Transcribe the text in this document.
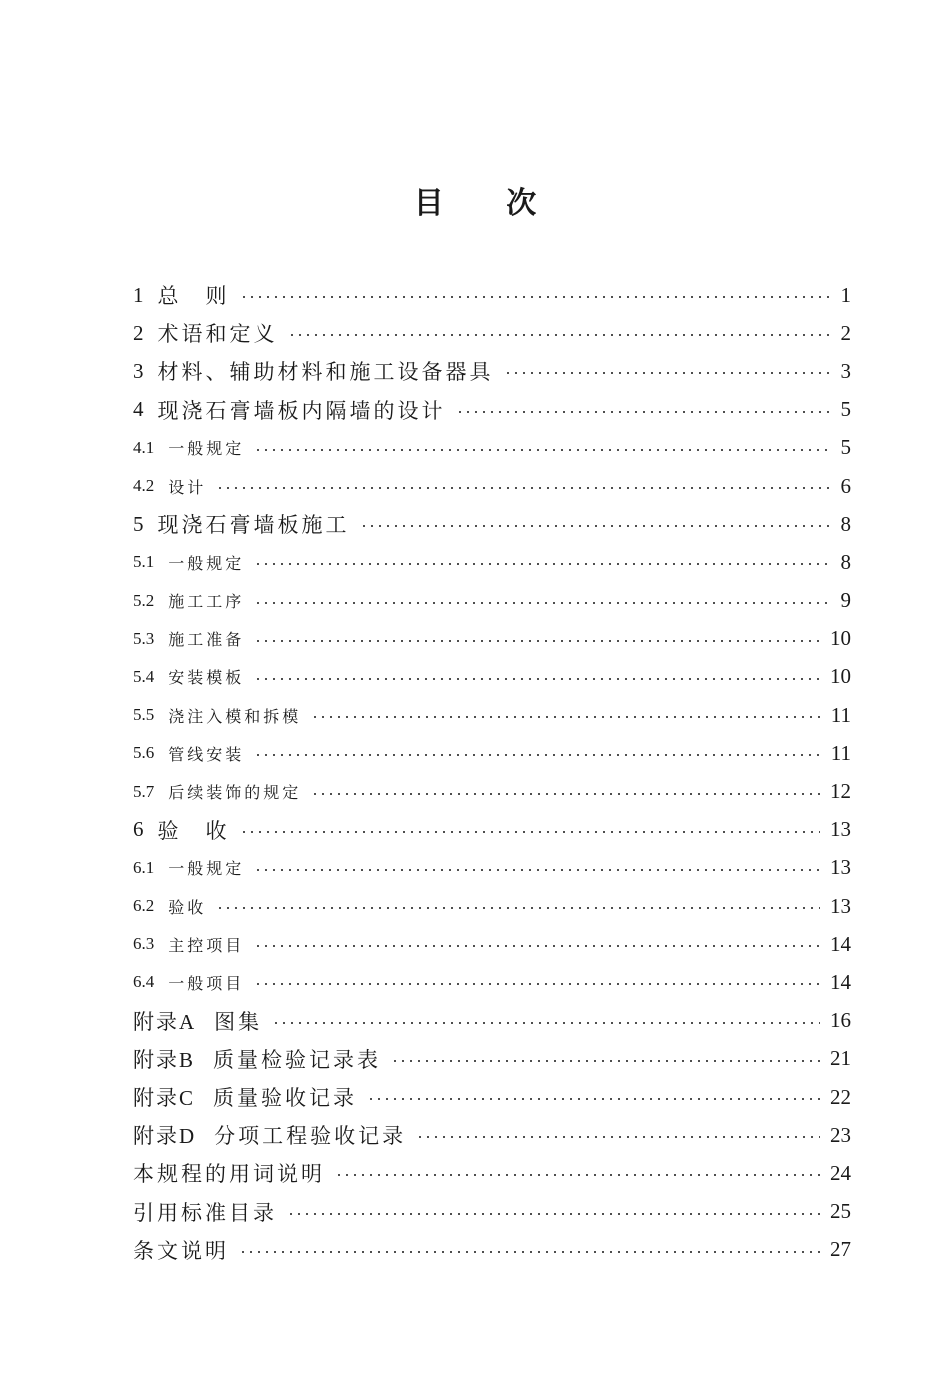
目 次
1 总　则	1
2 术语和定义	2
3 材料、辅助材料和施工设备器具	3
4 现浇石膏墙板内隔墙的设计	5
4.1 一般规定	5
4.2 设计	6
5 现浇石膏墙板施工	8
5.1 一般规定	8
5.2 施工工序	9
5.3 施工准备	10
5.4 安装模板	10
5.5 浇注入模和拆模	11
5.6 管线安装	11
5.7 后续装饰的规定	12
6 验　收	13
6.1 一般规定	13
6.2 验收	13
6.3 主控项目	14
6.4 一般项目	14
附录A 图集	16
附录B 质量检验记录表	21
附录C 质量验收记录	22
附录D 分项工程验收记录	23
本规程的用词说明	24
引用标准目录	25
条文说明	27
